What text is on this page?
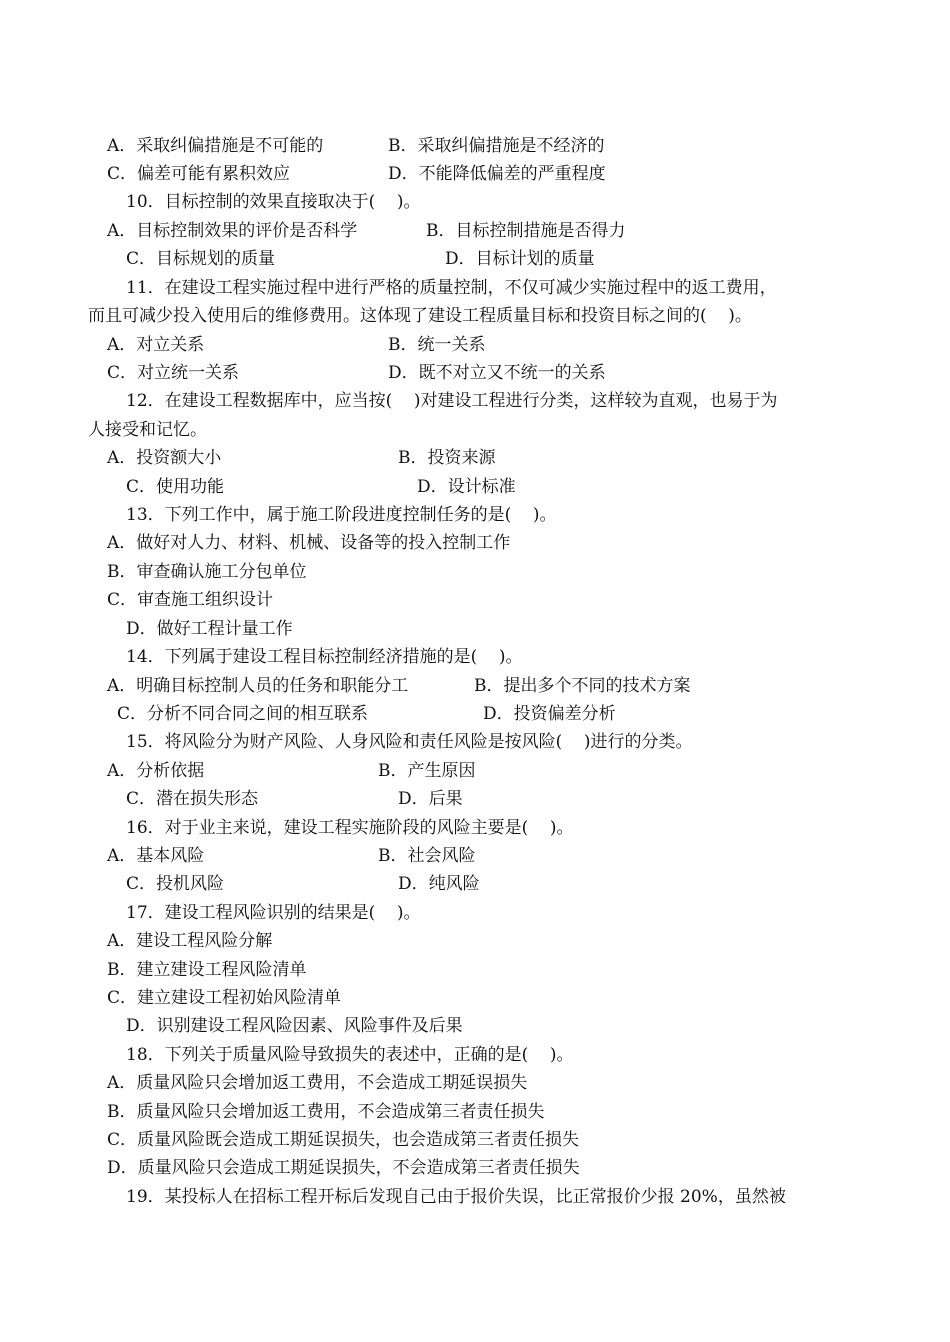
A．采取纠偏措施是不可能的	B．采取纠偏措施是不经济的
C．偏差可能有累积效应	D．不能降低偏差的严重程度
10．目标控制的效果直接取决于(    )。
A．目标控制效果的评价是否科学	B．目标控制措施是否得力
C．目标规划的质量	D．目标计划的质量
11．在建设工程实施过程中进行严格的质量控制，不仅可减少实施过程中的返工费用，
而且可减少投入使用后的维修费用。这体现了建设工程质量目标和投资目标之间的(    )。
A．对立关系	B．统一关系
C．对立统一关系	D．既不对立又不统一的关系
12．在建设工程数据库中，应当按(    )对建设工程进行分类，这样较为直观，也易于为
人接受和记忆。
A．投资额大小	B．投资来源
C．使用功能	D．设计标准
13．下列工作中，属于施工阶段进度控制任务的是(    )。
A．做好对人力、材料、机械、设备等的投入控制工作
B．审查确认施工分包单位
C．审查施工组织设计
D．做好工程计量工作
14．下列属于建设工程目标控制经济措施的是(    )。
A．明确目标控制人员的任务和职能分工	B．提出多个不同的技术方案
C．分析不同合同之间的相互联系	D．投资偏差分析
15．将风险分为财产风险、人身风险和责任风险是按风险(    )进行的分类。
A．分析依据	B．产生原因
C．潜在损失形态	D．后果
16．对于业主来说，建设工程实施阶段的风险主要是(    )。
A．基本风险	B．社会风险
C．投机风险	D．纯风险
17．建设工程风险识别的结果是(    )。
A．建设工程风险分解
B．建立建设工程风险清单
C．建立建设工程初始风险清单
D．识别建设工程风险因素、风险事件及后果
18．下列关于质量风险导致损失的表述中，正确的是(    )。
A．质量风险只会增加返工费用，不会造成工期延误损失
B．质量风险只会增加返工费用，不会造成第三者责任损失
C．质量风险既会造成工期延误损失，也会造成第三者责任损失
D．质量风险只会造成工期延误损失，不会造成第三者责任损失
19．某投标人在招标工程开标后发现自己由于报价失误，比正常报价少报 20%，虽然被
